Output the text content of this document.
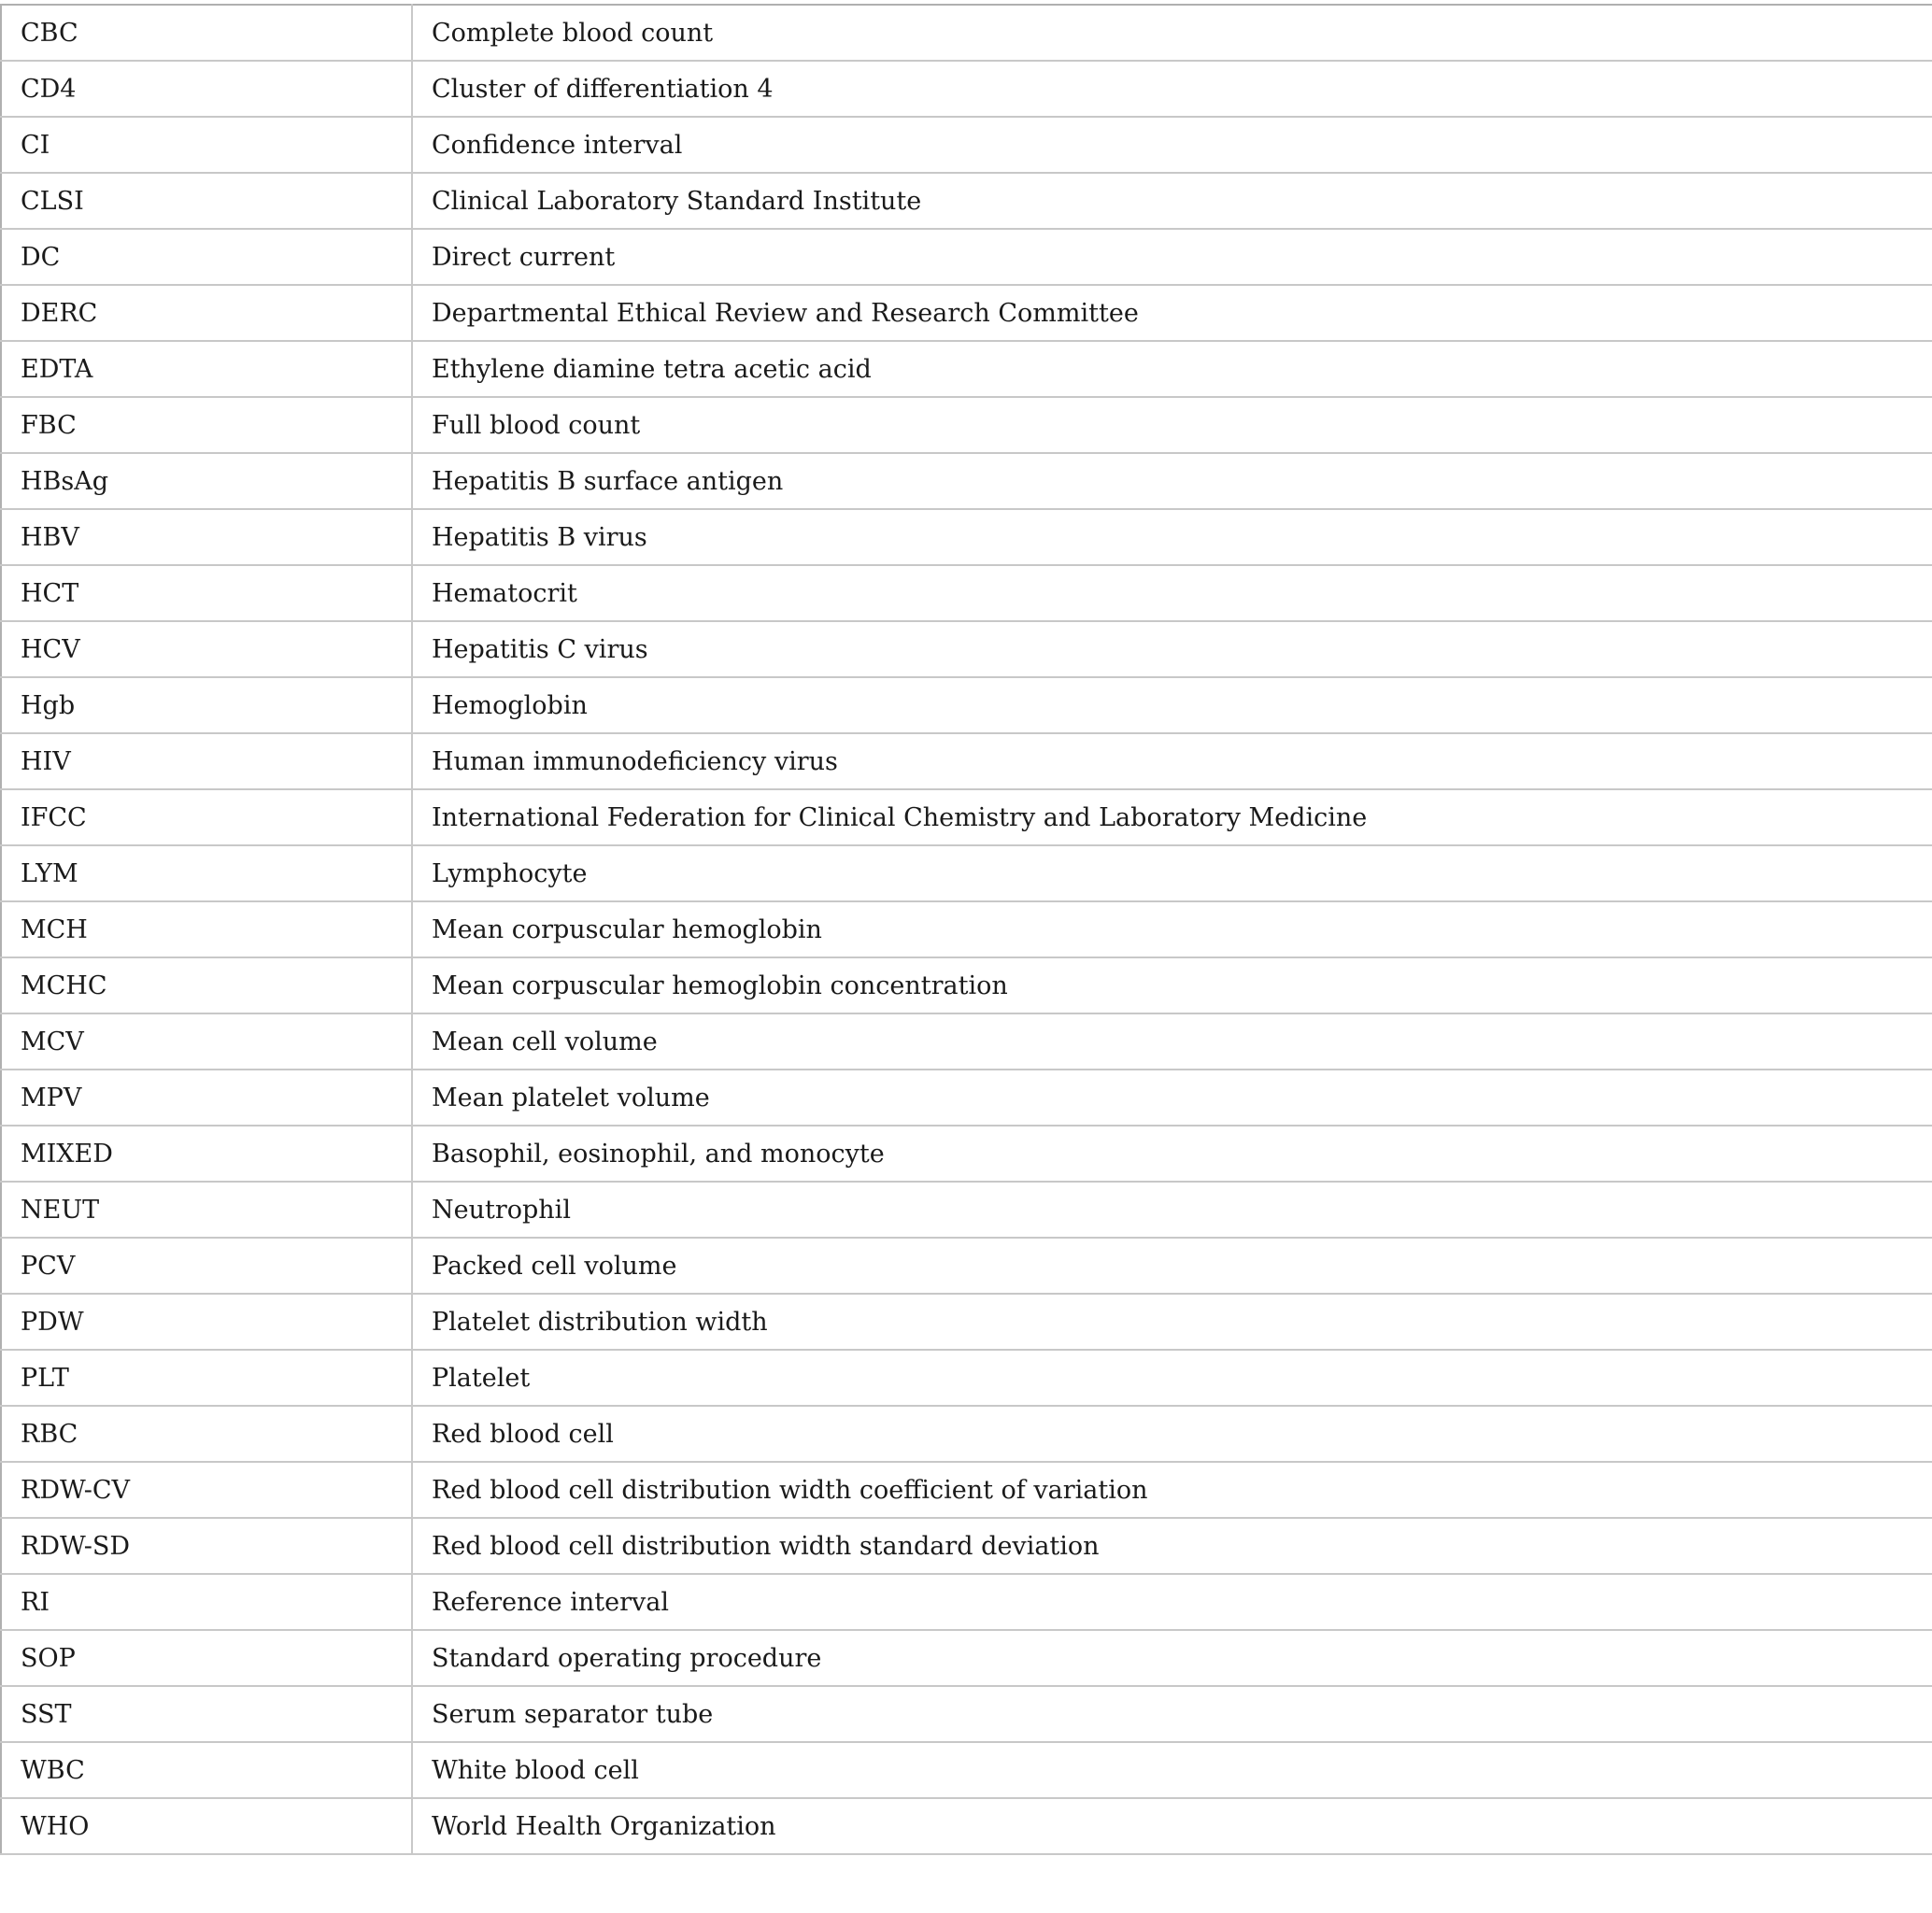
CBC	Complete blood count
CD4	Cluster of differentiation 4
CI	Confidence interval
CLSI	Clinical Laboratory Standard Institute
DC	Direct current
DERC	Departmental Ethical Review and Research Committee
EDTA	Ethylene diamine tetra acetic acid
FBC	Full blood count
HBsAg	Hepatitis B surface antigen
HBV	Hepatitis B virus
HCT	Hematocrit
HCV	Hepatitis C virus
Hgb	Hemoglobin
HIV	Human immunodeficiency virus
IFCC	International Federation for Clinical Chemistry and Laboratory Medicine
LYM	Lymphocyte
MCH	Mean corpuscular hemoglobin
MCHC	Mean corpuscular hemoglobin concentration
MCV	Mean cell volume
MPV	Mean platelet volume
MIXED	Basophil, eosinophil, and monocyte
NEUT	Neutrophil
PCV	Packed cell volume
PDW	Platelet distribution width
PLT	Platelet
RBC	Red blood cell
RDW-CV	Red blood cell distribution width coefficient of variation
RDW-SD	Red blood cell distribution width standard deviation
RI	Reference interval
SOP	Standard operating procedure
SST	Serum separator tube
WBC	White blood cell
WHO	World Health Organization
